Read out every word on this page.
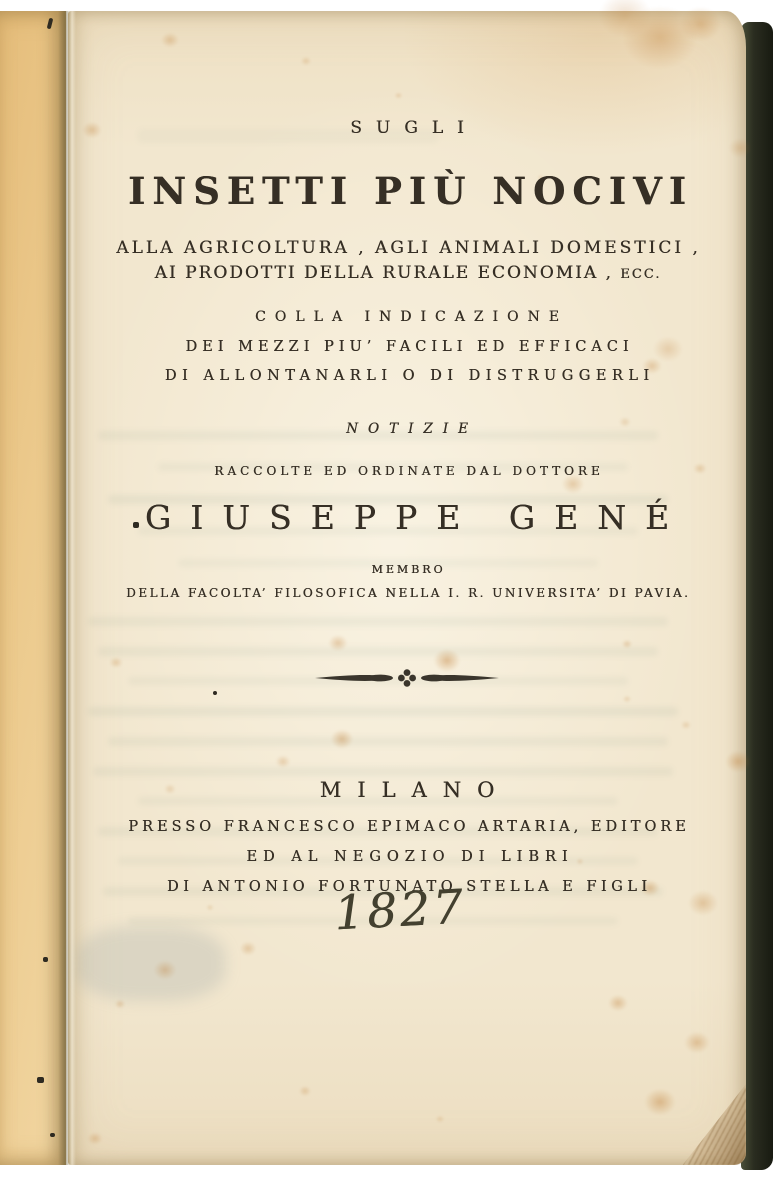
SUGLI
INSETTI PIÙ NOCIVI
ALLA AGRICOLTURA , AGLI ANIMALI DOMESTICI ,
AI PRODOTTI DELLA RURALE ECONOMIA , ECC.
COLLA INDICAZIONE
DEI MEZZI PIU’ FACILI ED EFFICACI
DI ALLONTANARLI O DI DISTRUGGERLI
NOTIZIE
RACCOLTE ED ORDINATE DAL DOTTORE
GIUSEPPE GENÉ
MEMBRO
DELLA FACOLTA’ FILOSOFICA NELLA I. R. UNIVERSITA’ DI PAVIA.
MILANO
PRESSO FRANCESCO EPIMACO ARTARIA, EDITORE
ED AL NEGOZIO DI LIBRI
DI ANTONIO FORTUNATO STELLA E FIGLI
1827
